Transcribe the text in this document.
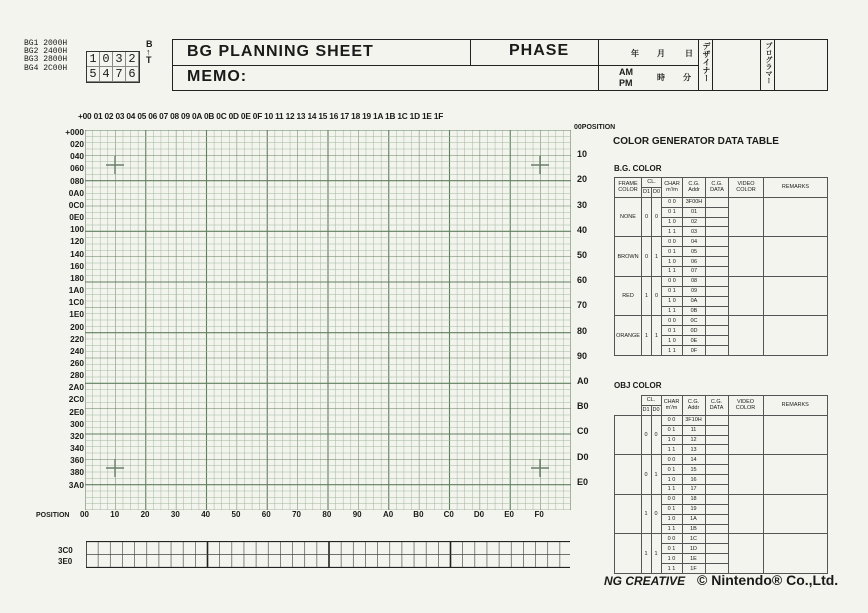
BG1 2000H
BG2 2400H
BG3 2800H
BG4 2C00H
1 0 3 2
5 4 7 6
B
↑
T BG PLANNING SHEET	PHASE
MEMO:
年 月	日
AM
PM
時 分 デザイナー	プログラマー
+00 01 02 03 04 05 06 07 08 09 0A 0B 0C 0D 0E 0F 10 11 12 13 14 15 16 17 18 19 1A 1B 1C 1D 1E 1F
+000
020
040
060
080
0A0
0C0
0E0
100
120
140
160
180
1A0
1C0
1E0
200
220
240
260
280
2A0
2C0
2E0
300
320
340
360
380
3A0
00POSITION
10
20
30
40
50
60
70
80
90
A0
B0
C0
D0
E0
POSITION 00	10	20	30	40	50	60	70	80	90	A0	B0	C0	D0	E0	F0
3C0
3E0
COLOR GENERATOR DATA TABLE
B.G. COLOR
FRAME COLOR	CL.		CHAR m'/m	C.G. Addr	C.G. DATA	VIDEO COLOR	REMARKS
	D1	D0					
NONE	0	0	0 0	3F00H			
			0 1	01			
			1 0	02			
			1 1	03			
BROWN	0	1	0 0	04			
			0 1	05			
			1 0	06			
			1 1	07			
RED	1	0	0 0	08			
			0 1	09			
			1 0	0A			
			1 1	0B			
ORANGE	1	1	0 0	0C			
			0 1	0D			
			1 0	0E			
			1 1	0F			
OBJ COLOR
	CL.		CHAR m'/m	C.G. Addr	C.G. DATA	VIDEO COLOR	REMARKS
	D1	D0					
	0	0	0 0	3F10H			
			0 1	11			
			1 0	12			
			1 1	13			
	0	1	0 0	14			
			0 1	15			
			1 0	16			
			1 1	17			
	1	0	0 0	18			
			0 1	19			
			1 0	1A			
			1 1	1B			
	1	1	0 0	1C			
			0 1	1D			
			1 0	1E			
			1 1	1F			
NG CREATIVE © Nintendo® Co.,Ltd.
